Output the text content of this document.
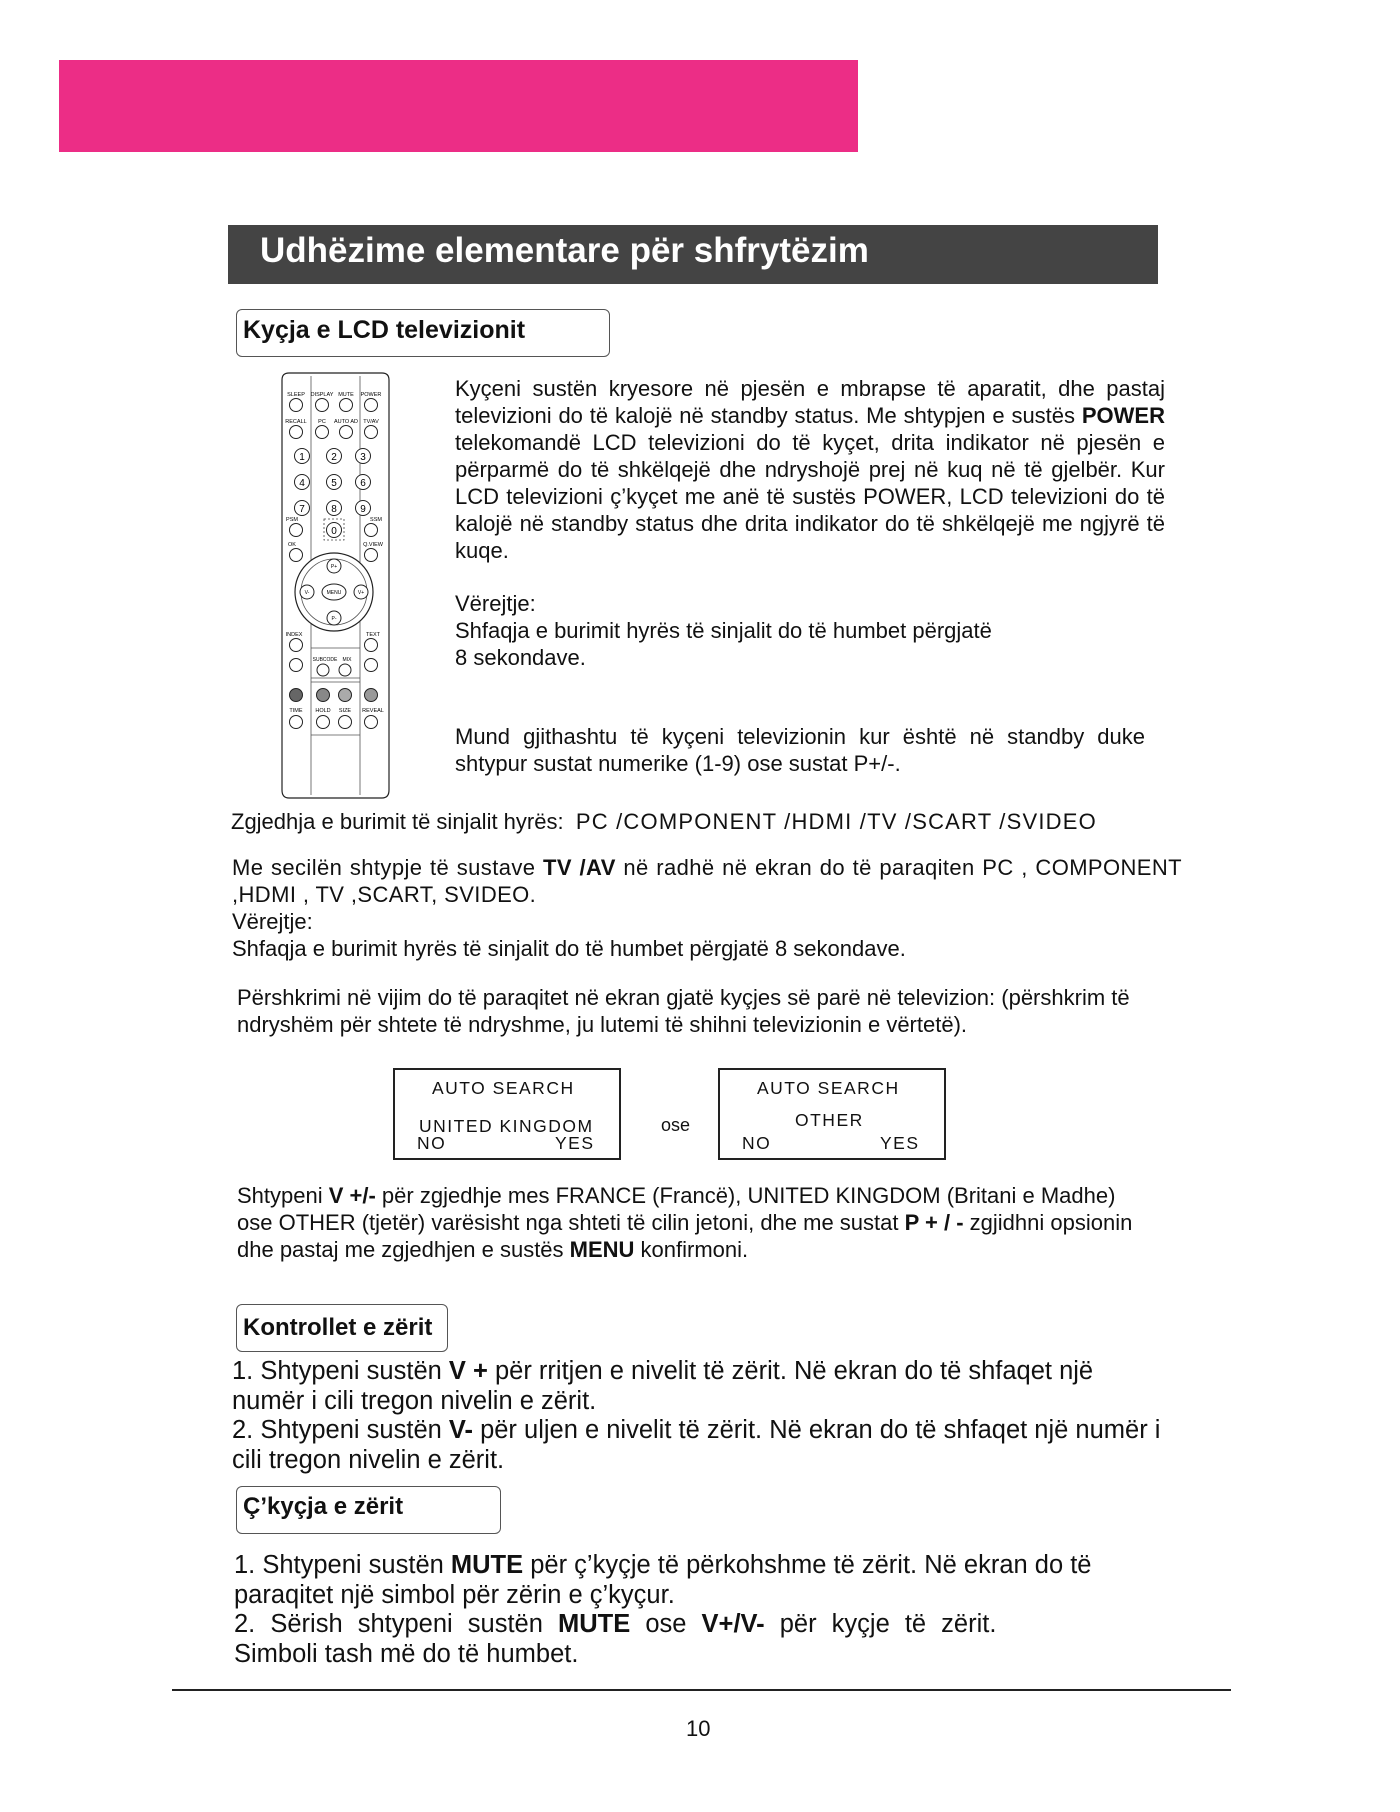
Udhëzime elementare për shfrytëzim
Kyçja e LCD televizionit
SLEEP DISPLAY MUTE POWER
RECALL PC AUTO AD TV/AV
1	2 3
4	5 6
7	8 9
PSM	SSM
0
OK	Q.VIEW
P+
P-
V-	V+
MENU
INDEX	TEXT
SUBCODE MIX
TIME HOLD SIZE REVEAL
Kyçeni sustën kryesore në pjesën e mbrapse të aparatit, dhe pastaj televizioni do të kalojë në standby status. Me shtypjen e sustës POWER telekomandë LCD televizioni do të kyçet, drita indikator në pjesën e përparmë do të shkëlqejë dhe ndryshojë prej në kuq në të gjelbër. Kur LCD televizioni ç’kyçet me anë të sustës POWER, LCD televizioni do të kalojë në standby status dhe drita indikator do të shkëlqejë me ngjyrë të kuqe.
Vërejtje:
Shfaqja e burimit hyrës të sinjalit do të humbet përgjatë
8 sekondave.
Mund gjithashtu të kyçeni televizionin kur është në standby duke shtypur sustat numerike (1-9) ose sustat P+/-.
Zgjedhja e burimit të sinjalit hyrës: PC /COMPONENT /HDMI /TV /SCART /SVIDEO
Me secilën shtypje të sustave TV /AV në radhë në ekran do të paraqiten PC , COMPONENT ,HDMI , TV ,SCART, SVIDEO.
Vërejtje:
Shfaqja e burimit hyrës të sinjalit do të humbet përgjatë 8 sekondave.
Përshkrimi në vijim do të paraqitet në ekran gjatë kyçjes së parë në televizion: (përshkrim të ndryshëm për shtete të ndryshme, ju lutemi të shihni televizionin e vërtetë).
AUTO SEARCH
UNITED KINGDOM
NO	YES
ose
AUTO SEARCH
OTHER
NO	YES
Shtypeni V +/- për zgjedhje mes FRANCE (Francë), UNITED KINGDOM (Britani e Madhe) ose OTHER (tjetër) varësisht nga shteti të cilin jetoni, dhe me sustat P + / - zgjidhni opsionin dhe pastaj me zgjedhjen e sustës MENU konfirmoni.
Kontrollet e zërit
1. Shtypeni sustën V + për rritjen e nivelit të zërit. Në ekran do të shfaqet një numër i cili tregon nivelin e zërit.
2. Shtypeni sustën V- për uljen e nivelit të zërit. Në ekran do të shfaqet një numër i cili tregon nivelin e zërit.
Ç’kyçja e zërit
1. Shtypeni sustën MUTE për ç’kyçje të përkohshme të zërit. Në ekran do të paraqitet një simbol për zërin e ç’kyçur.
2. Sërish shtypeni sustën MUTE ose V+/V- për kyçje të zërit.
Simboli tash më do të humbet.
10
